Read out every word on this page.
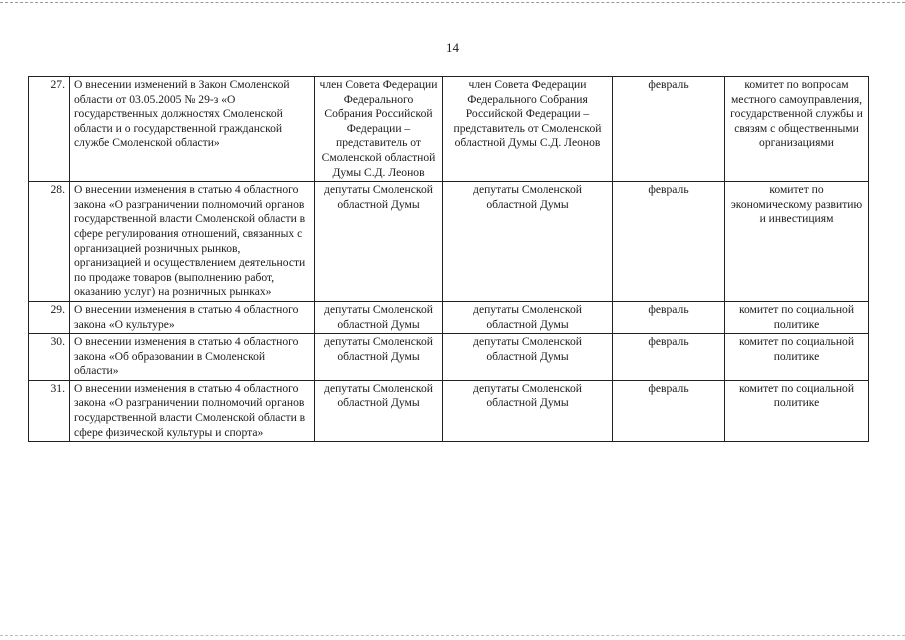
14
27.	О внесении изменений в Закон Смоленской области от 03.05.2005 № 29-з «О государственных должностях Смоленской области и о государственной гражданской службе Смоленской области»	член Совета Федерации Федерального Собрания Российской Федерации – представитель от Смоленской областной Думы С.Д. Леонов	член Совета Федерации Федерального Собрания Российской Федерации – представитель от Смоленской областной Думы С.Д. Леонов	февраль	комитет по вопросам местного самоуправления, государственной службы и связям с общественными организациями
28.	О внесении изменения в статью 4 областного закона «О разграничении полномочий органов государственной власти Смоленской области в сфере регулирования отношений, связанных с организацией розничных рынков, организацией и осуществлением деятельности по продаже товаров (выполнению работ, оказанию услуг) на розничных рынках»	депутаты Смоленской областной Думы	депутаты Смоленской областной Думы	февраль	комитет по экономическому развитию и инвестициям
29.	О внесении изменения в статью 4 областного закона «О культуре»	депутаты Смоленской областной Думы	депутаты Смоленской областной Думы	февраль	комитет по социальной политике
30.	О внесении изменения в статью 4 областного закона «Об образовании в Смоленской области»	депутаты Смоленской областной Думы	депутаты Смоленской областной Думы	февраль	комитет по социальной политике
31.	О внесении изменения в статью 4 областного закона «О разграничении полномочий органов государственной власти Смоленской области в сфере физической культуры и спорта»	депутаты Смоленской областной Думы	депутаты Смоленской областной Думы	февраль	комитет по социальной политике
